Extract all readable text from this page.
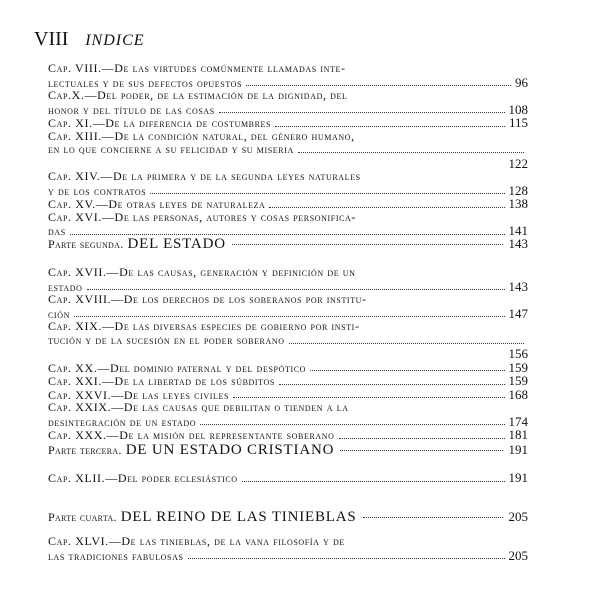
VIII INDICE
Cap. VIII.—De las virtudes comúnmente llamadas inte-
lectuales y de sus defectos opuestos	96
Cap.X.—Del poder, de la estimación de la dignidad, del
honor y del título de las cosas	108
Cap. XI.—De la diferencia de costumbres	115
Cap. XIII.—De la condición natural, del género humano,
en lo que concierne a su felicidad y su miseria
122
Cap. XIV.—De la primera y de la segunda leyes naturales
y de los contratos	128
Cap. XV.—De otras leyes de naturaleza	138
Cap. XVI.—De las personas, autores y cosas personifica-
das	141
Parte segunda. DEL ESTADO	143
Cap. XVII.—De las causas, generación y definición de un
estado	143
Cap. XVIII.—De los derechos de los soberanos por institu-
ción	147
Cap. XIX.—De las diversas especies de gobierno por insti-
tución y de la sucesión en el poder soberano
156
Cap. XX.—Del dominio paternal y del despótico	159
Cap. XXI.—De la libertad de los súbditos	159
Cap. XXVI.—De las leyes civiles	168
Cap. XXIX.—De las causas que debilitan o tienden a la
desintegración de un estado	174
Cap. XXX.—De la misión del representante soberano	181
Parte tercera. DE UN ESTADO CRISTIANO	191
Cap. XLII.—Del poder eclesiástico	191
Parte cuarta. DEL REINO DE LAS TINIEBLAS	205
Cap. XLVI.—De las tinieblas, de la vana filosofía y de
las tradiciones fabulosas	205
